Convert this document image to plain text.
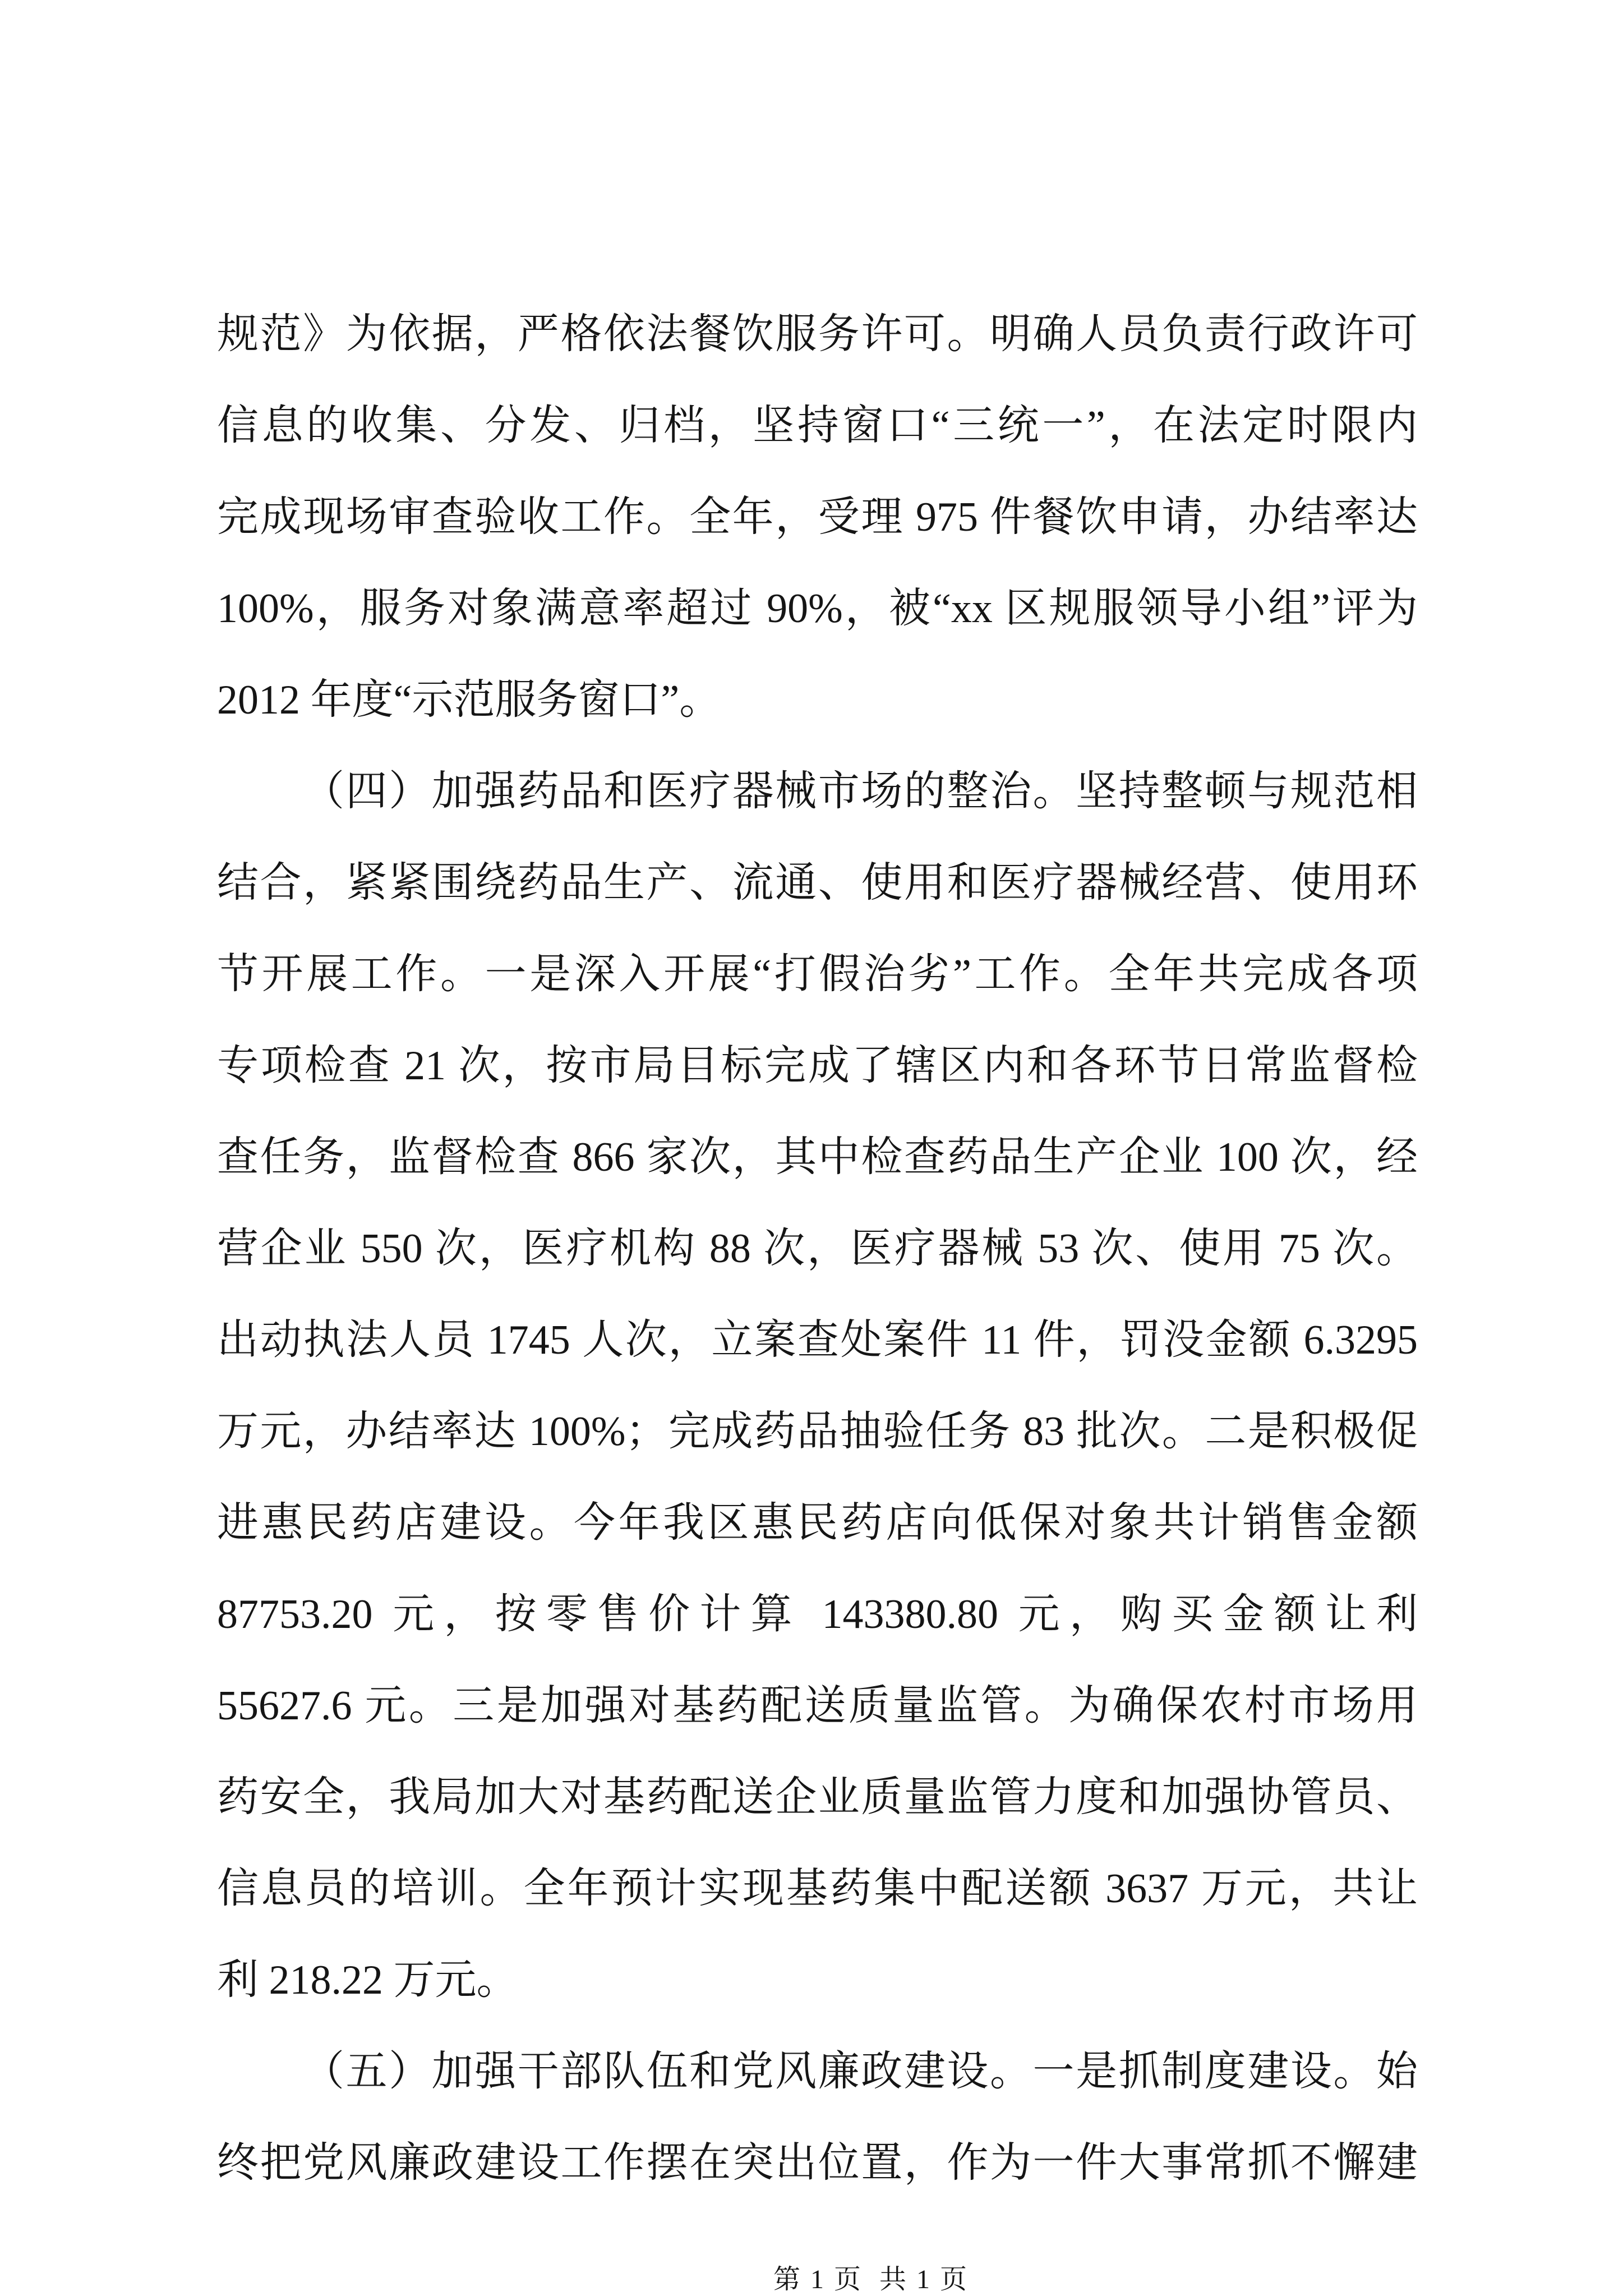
规范》为依据，严格依法餐饮服务许可。明确人员负责行政许可
信息的收集、分发、归档，坚持窗口“三统一”，在法定时限内
完成现场审查验收工作。全年，受理 975 件餐饮申请，办结率达
100%，服务对象满意率超过 90%，被“xx 区规服领导小组”评为
2012 年度“示范服务窗口”。
（四）加强药品和医疗器械市场的整治。坚持整顿与规范相
结合，紧紧围绕药品生产、流通、使用和医疗器械经营、使用环
节开展工作。一是深入开展“打假治劣”工作。全年共完成各项
专项检查 21 次，按市局目标完成了辖区内和各环节日常监督检
查任务，监督检查 866 家次，其中检查药品生产企业 100 次，经
营企业 550 次，医疗机构 88 次，医疗器械 53 次、使用 75 次。
出动执法人员 1745 人次，立案查处案件 11 件，罚没金额 6.3295
万元，办结率达 100%；完成药品抽验任务 83 批次。二是积极促
进惠民药店建设。今年我区惠民药店向低保对象共计销售金额
87753.20 元，按零售价计算 143380.80 元，购买金额让利
55627.6 元。三是加强对基药配送质量监管。为确保农村市场用
药安全，我局加大对基药配送企业质量监管力度和加强协管员、
信息员的培训。全年预计实现基药集中配送额 3637 万元，共让
利 218.22 万元。
（五）加强干部队伍和党风廉政建设。一是抓制度建设。始
终把党风廉政建设工作摆在突出位置，作为一件大事常抓不懈建

第 1 页  共 1 页
